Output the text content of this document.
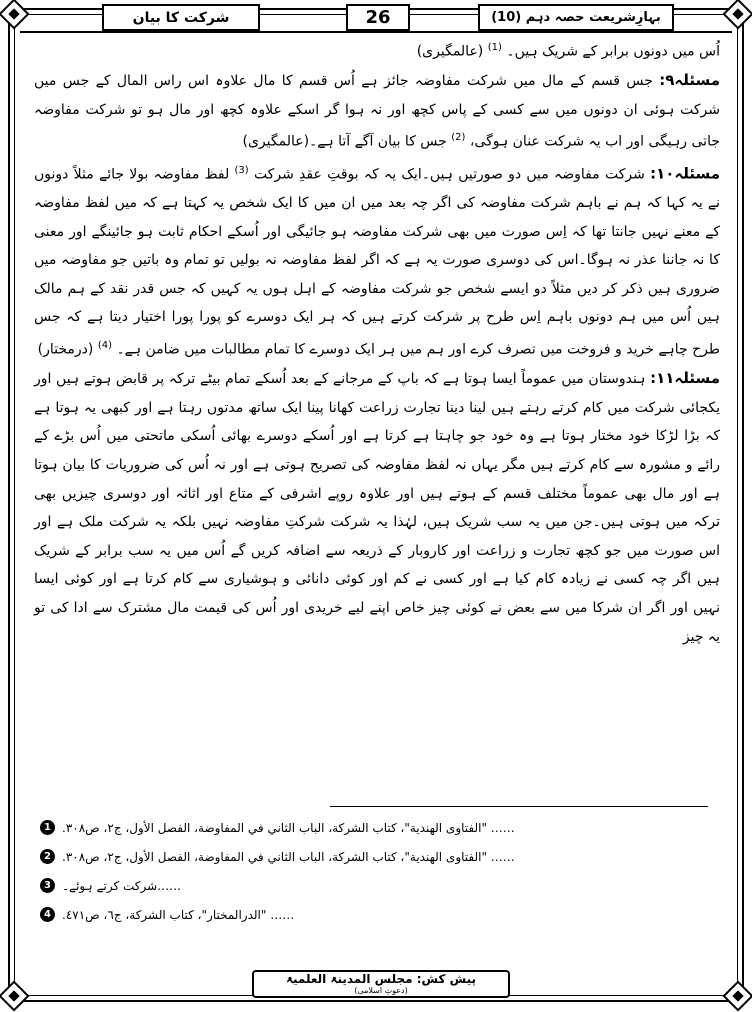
شرکت کا بیان	26	بہارِشریعت حصہ دہم (10)

اُس میں دونوں برابر کے شریک ہیں۔ $^{(1)}$ (عالمگیری)

مسئلہ۹: جس قسم کے مال میں شرکت مفاوضہ جائز ہے اُس قسم کا مال علاوہ اس راس المال کے جس میں شرکت ہوئی ان دونوں میں سے کسی کے پاس کچھ اور نہ ہوا گر اسکے علاوہ کچھ اور مال ہو تو شرکت مفاوضہ جاتی رہیگی اور اب یہ شرکت عنان ہوگی، $^{(2)}$ جس کا بیان آگے آتا ہے۔(عالمگیری)

مسئلہ۱۰: شرکت مفاوضہ میں دو صورتیں ہیں۔ایک یہ کہ بوقتِ عقدِ شرکت $^{(3)}$ لفظ مفاوضہ بولا جائے مثلاً دونوں نے یہ کہا کہ ہم نے باہم شرکت مفاوضہ کی اگر چہ بعد میں ان میں کا ایک شخص یہ کہتا ہے کہ میں لفظ مفاوضہ کے معنے نہیں جانتا تھا کہ اِس صورت میں بھی شرکت مفاوضہ ہو جائیگی اور اُسکے احکام ثابت ہو جائینگے اور معنی کا نہ جاننا عذر نہ ہوگا۔اس کی دوسری صورت یہ ہے کہ اگر لفظ مفاوضہ نہ بولیں تو تمام وہ باتیں جو مفاوضہ میں ضروری ہیں ذکر کر دیں مثلاً دو ایسے شخص جو شرکت مفاوضہ کے اہل ہوں یہ کہیں کہ جس قدر نقد کے ہم مالک ہیں اُس میں ہم دونوں باہم اِس طرح پر شرکت کرتے ہیں کہ ہر ایک دوسرے کو پورا پورا اختیار دیتا ہے کہ جس طرح چاہے خرید و فروخت میں تصرف کرے اور ہم میں ہر ایک دوسرے کا تمام مطالبات میں ضامن ہے۔ $^{(4)}$ (درمختار)

مسئلہ۱۱: ہندوستان میں عموماً ایسا ہوتا ہے کہ باپ کے مرجانے کے بعد اُسکے تمام بیٹے ترکہ پر قابض ہوتے ہیں اور یکجائی شرکت میں کام کرتے رہتے ہیں لینا دینا تجارت زراعت کھانا پینا ایک ساتھ مدتوں رہتا ہے اور کبھی یہ ہوتا ہے کہ بڑا لڑکا خود مختار ہوتا ہے وہ خود جو چاہتا ہے کرتا ہے اور اُسکے دوسرے بھائی اُسکی ماتحتی میں اُس بڑے کے رائے و مشورہ سے کام کرتے ہیں مگر یہاں نہ لفظ مفاوضہ کی تصریح ہوتی ہے اور نہ اُس کی ضروریات کا بیان ہوتا ہے اور مال بھی عموماً مختلف قسم کے ہوتے ہیں اور علاوہ روپے اشرفی کے متاع اور اثاثہ اور دوسری چیزیں بھی ترکہ میں ہوتی ہیں۔جن میں یہ سب شریک ہیں، لہٰذا یہ شرکت شرکتِ مفاوضہ نہیں بلکہ یہ شرکت ملک ہے اور اس صورت میں جو کچھ تجارت و زراعت اور کاروبار کے ذریعہ سے اضافہ کریں گے اُس میں یہ سب برابر کے شریک ہیں اگر چہ کسی نے زیادہ کام کیا ہے اور کسی نے کم اور کوئی دانائی و ہوشیاری سے کام کرتا ہے اور کوئی ایسا نہیں اور اگر ان شرکا میں سے بعض نے کوئی چیز خاص اپنے لیے خریدی اور اُس کی قیمت مال مشترک سے ادا کی تو یہ چیز

1 …… "الفتاوى الهندية"، كتاب الشركة، الباب الثاني في المفاوضة، الفصل الأول، ج٢، ص٣٠٨.
2 …… "الفتاوى الهندية"، كتاب الشركة، الباب الثاني في المفاوضة، الفصل الأول، ج٢، ص٣٠٨.
3 ……شرکت کرتے ہوئے۔
4 …… "الدرالمختار"، كتاب الشركة، ج٦، ص٤٧١.
پیش کش: مجلس المدینۃ العلمیۃ
(دعوتِ اسلامی)
